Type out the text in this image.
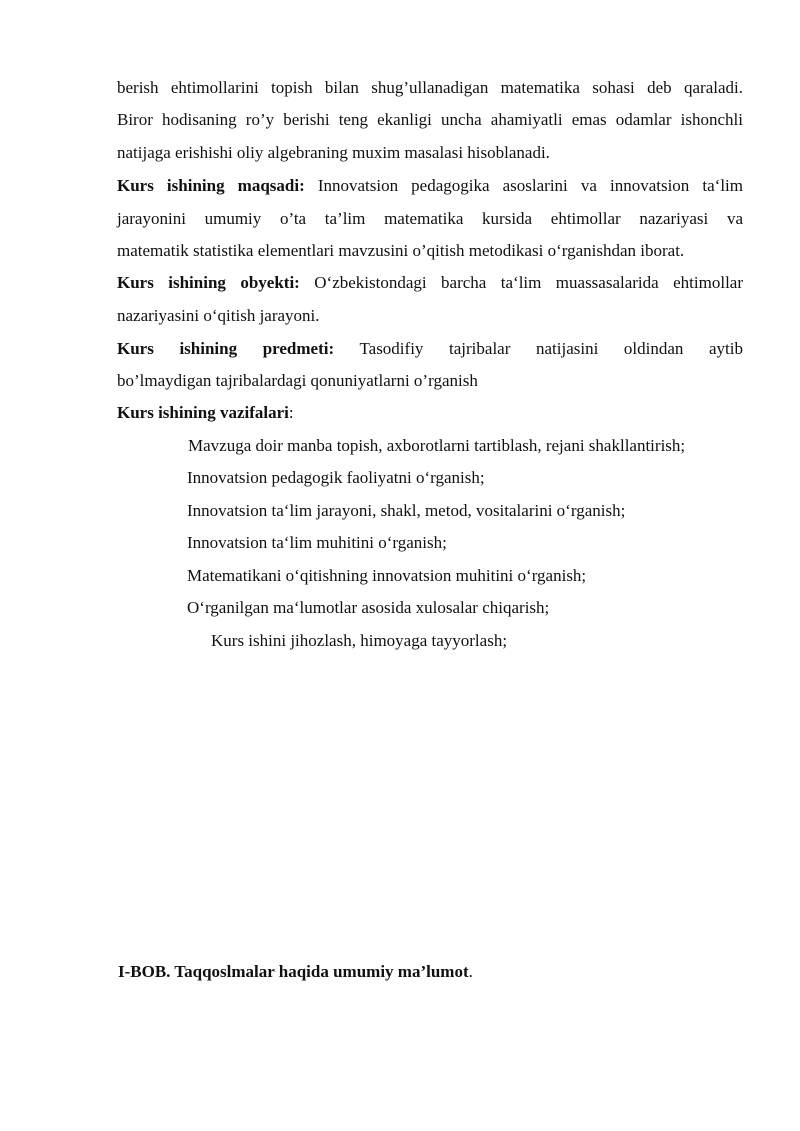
berish ehtimollarini topish bilan shug’ullanadigan matematika sohasi deb qaraladi.
Biror hodisaning ro’y berishi teng ekanligi uncha ahamiyatli emas odamlar ishonchli
natijaga erishishi oliy algebraning muxim masalasi hisoblanadi.
Kurs ishining maqsadi: Innovatsion pedagogika asoslarini va innovatsion ta‘lim
jarayonini umumiy o’ta ta’lim matematika kursida ehtimollar nazariyasi va
matematik statistika elementlari mavzusini o’qitish metodikasi o‘rganishdan iborat.
Kurs ishining obyekti: O‘zbekistondagi barcha ta‘lim muassasalarida ehtimollar
nazariyasini o‘qitish jarayoni.
Kurs ishining predmeti: Tasodifiy tajribalar natijasini oldindan aytib
bo’lmaydigan tajribalardagi qonuniyatlarni o’rganish
Kurs ishining vazifalari:
Mavzuga doir manba topish, axborotlarni tartiblash, rejani shakllantirish;
Innovatsion pedagogik faoliyatni o‘rganish;
Innovatsion ta‘lim jarayoni, shakl, metod, vositalarini o‘rganish;
Innovatsion ta‘lim muhitini o‘rganish;
Matematikani o‘qitishning innovatsion muhitini o‘rganish;
O‘rganilgan ma‘lumotlar asosida xulosalar chiqarish;
Kurs ishini jihozlash, himoyaga tayyorlash;
I-BOB. Taqqoslmalar haqida umumiy ma’lumot.
